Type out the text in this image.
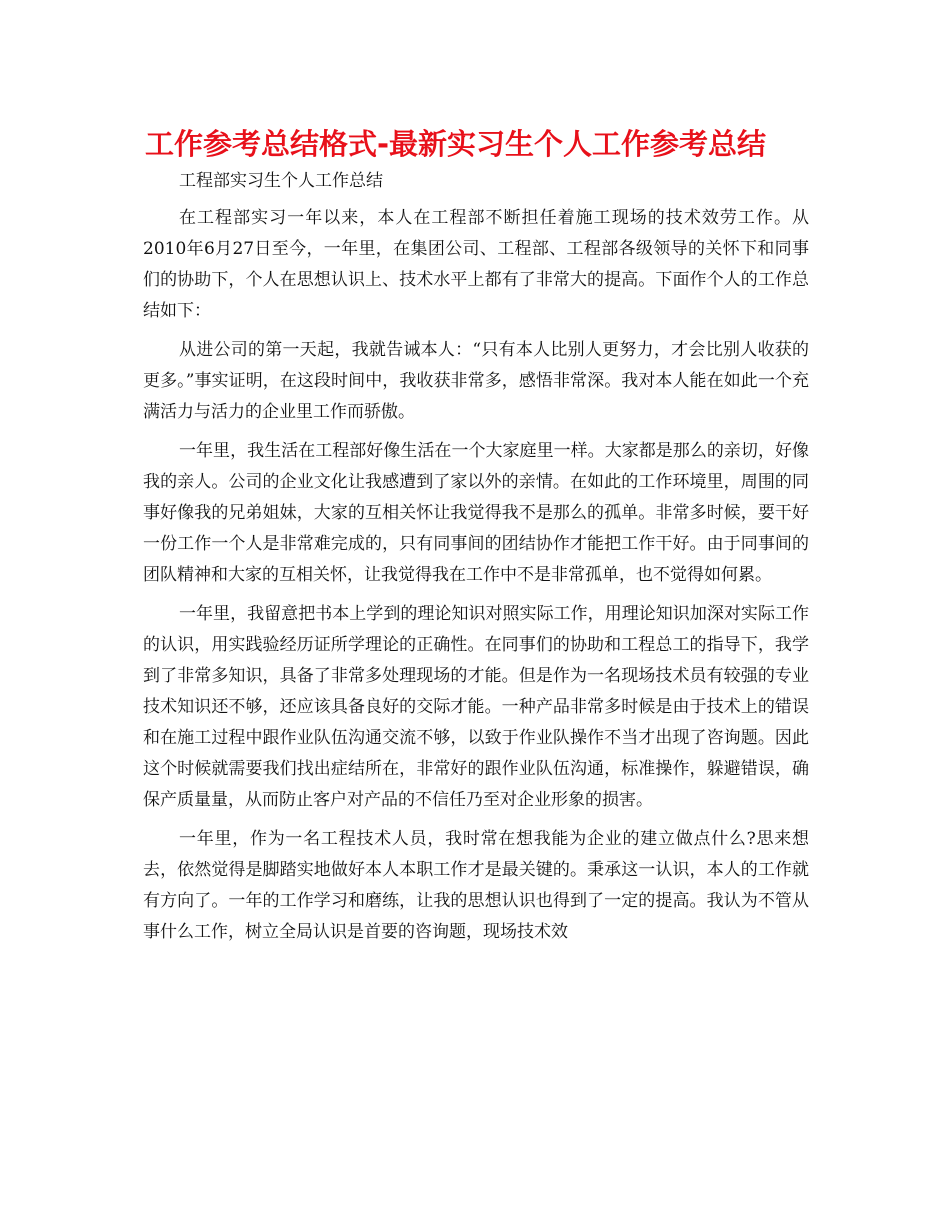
工作参考总结格式-最新实习生个人工作参考总结

工程部实习生个人工作总结

在工程部实习一年以来，本人在工程部不断担任着施工现场的技术效劳工作。从2010年6月27日至今，一年里，在集团公司、工程部、工程部各级领导的关怀下和同事们的协助下，个人在思想认识上、技术水平上都有了非常大的提高。下面作个人的工作总结如下：

从进公司的第一天起，我就告诫本人：“只有本人比别人更努力，才会比别人收获的更多。”事实证明，在这段时间中，我收获非常多，感悟非常深。我对本人能在如此一个充满活力与活力的企业里工作而骄傲。

一年里，我生活在工程部好像生活在一个大家庭里一样。大家都是那么的亲切，好像我的亲人。公司的企业文化让我感遭到了家以外的亲情。在如此的工作环境里，周围的同事好像我的兄弟姐妹，大家的互相关怀让我觉得我不是那么的孤单。非常多时候，要干好一份工作一个人是非常难完成的，只有同事间的团结协作才能把工作干好。由于同事间的团队精神和大家的互相关怀，让我觉得我在工作中不是非常孤单，也不觉得如何累。

一年里，我留意把书本上学到的理论知识对照实际工作，用理论知识加深对实际工作的认识，用实践验经历证所学理论的正确性。在同事们的协助和工程总工的指导下，我学到了非常多知识，具备了非常多处理现场的才能。但是作为一名现场技术员有较强的专业技术知识还不够，还应该具备良好的交际才能。一种产品非常多时候是由于技术上的错误和在施工过程中跟作业队伍沟通交流不够，以致于作业队操作不当才出现了咨询题。因此这个时候就需要我们找出症结所在，非常好的跟作业队伍沟通，标准操作，躲避错误，确保产质量量，从而防止客户对产品的不信任乃至对企业形象的损害。

一年里，作为一名工程技术人员，我时常在想我能为企业的建立做点什么?思来想去，依然觉得是脚踏实地做好本人本职工作才是最关键的。秉承这一认识，本人的工作就有方向了。一年的工作学习和磨练，让我的思想认识也得到了一定的提高。我认为不管从事什么工作，树立全局认识是首要的咨询题，现场技术效
